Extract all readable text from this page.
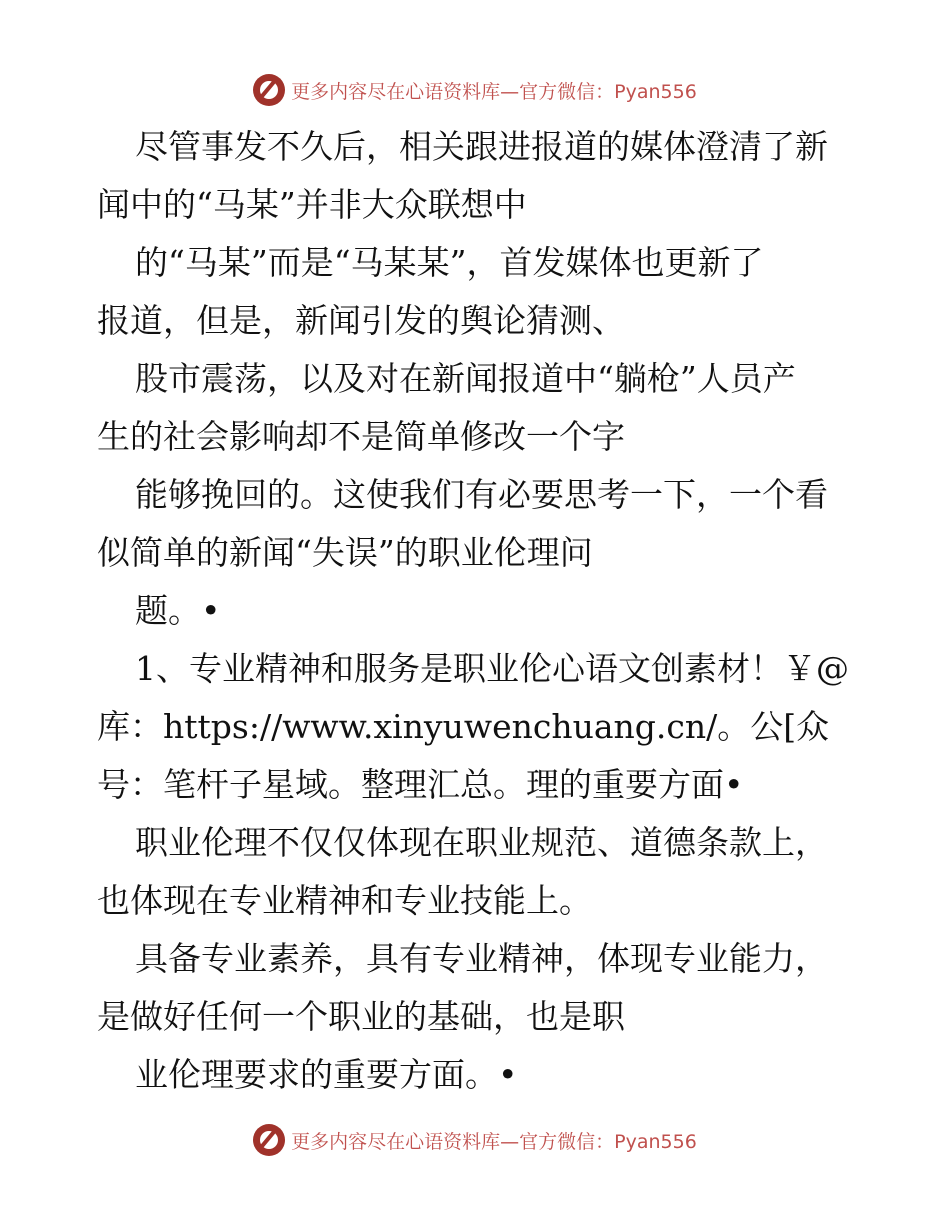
更多内容尽在心语资料库—官方微信：Pyan556

尽管事发不久后，相关跟进报道的媒体澄清了新

闻中的“马某”并非大众联想中

的“马某”而是“马某某”，首发媒体也更新了

报道，但是，新闻引发的舆论猜测、

股市震荡，以及对在新闻报道中“躺枪”人员产

生的社会影响却不是简单修改一个字

能够挽回的。这使我们有必要思考一下，一个看

似简单的新闻“失误”的职业伦理问

题。•

1、专业精神和服务是职业伦心语文创素材！￥@

库：https://www.xinyuwenchuang.cn/。公[众

号：笔杆子星域。整理汇总。理的重要方面•

职业伦理不仅仅体现在职业规范、道德条款上，

也体现在专业精神和专业技能上。

具备专业素养，具有专业精神，体现专业能力，

是做好任何一个职业的基础，也是职

业伦理要求的重要方面。•

更多内容尽在心语资料库—官方微信：Pyan556
